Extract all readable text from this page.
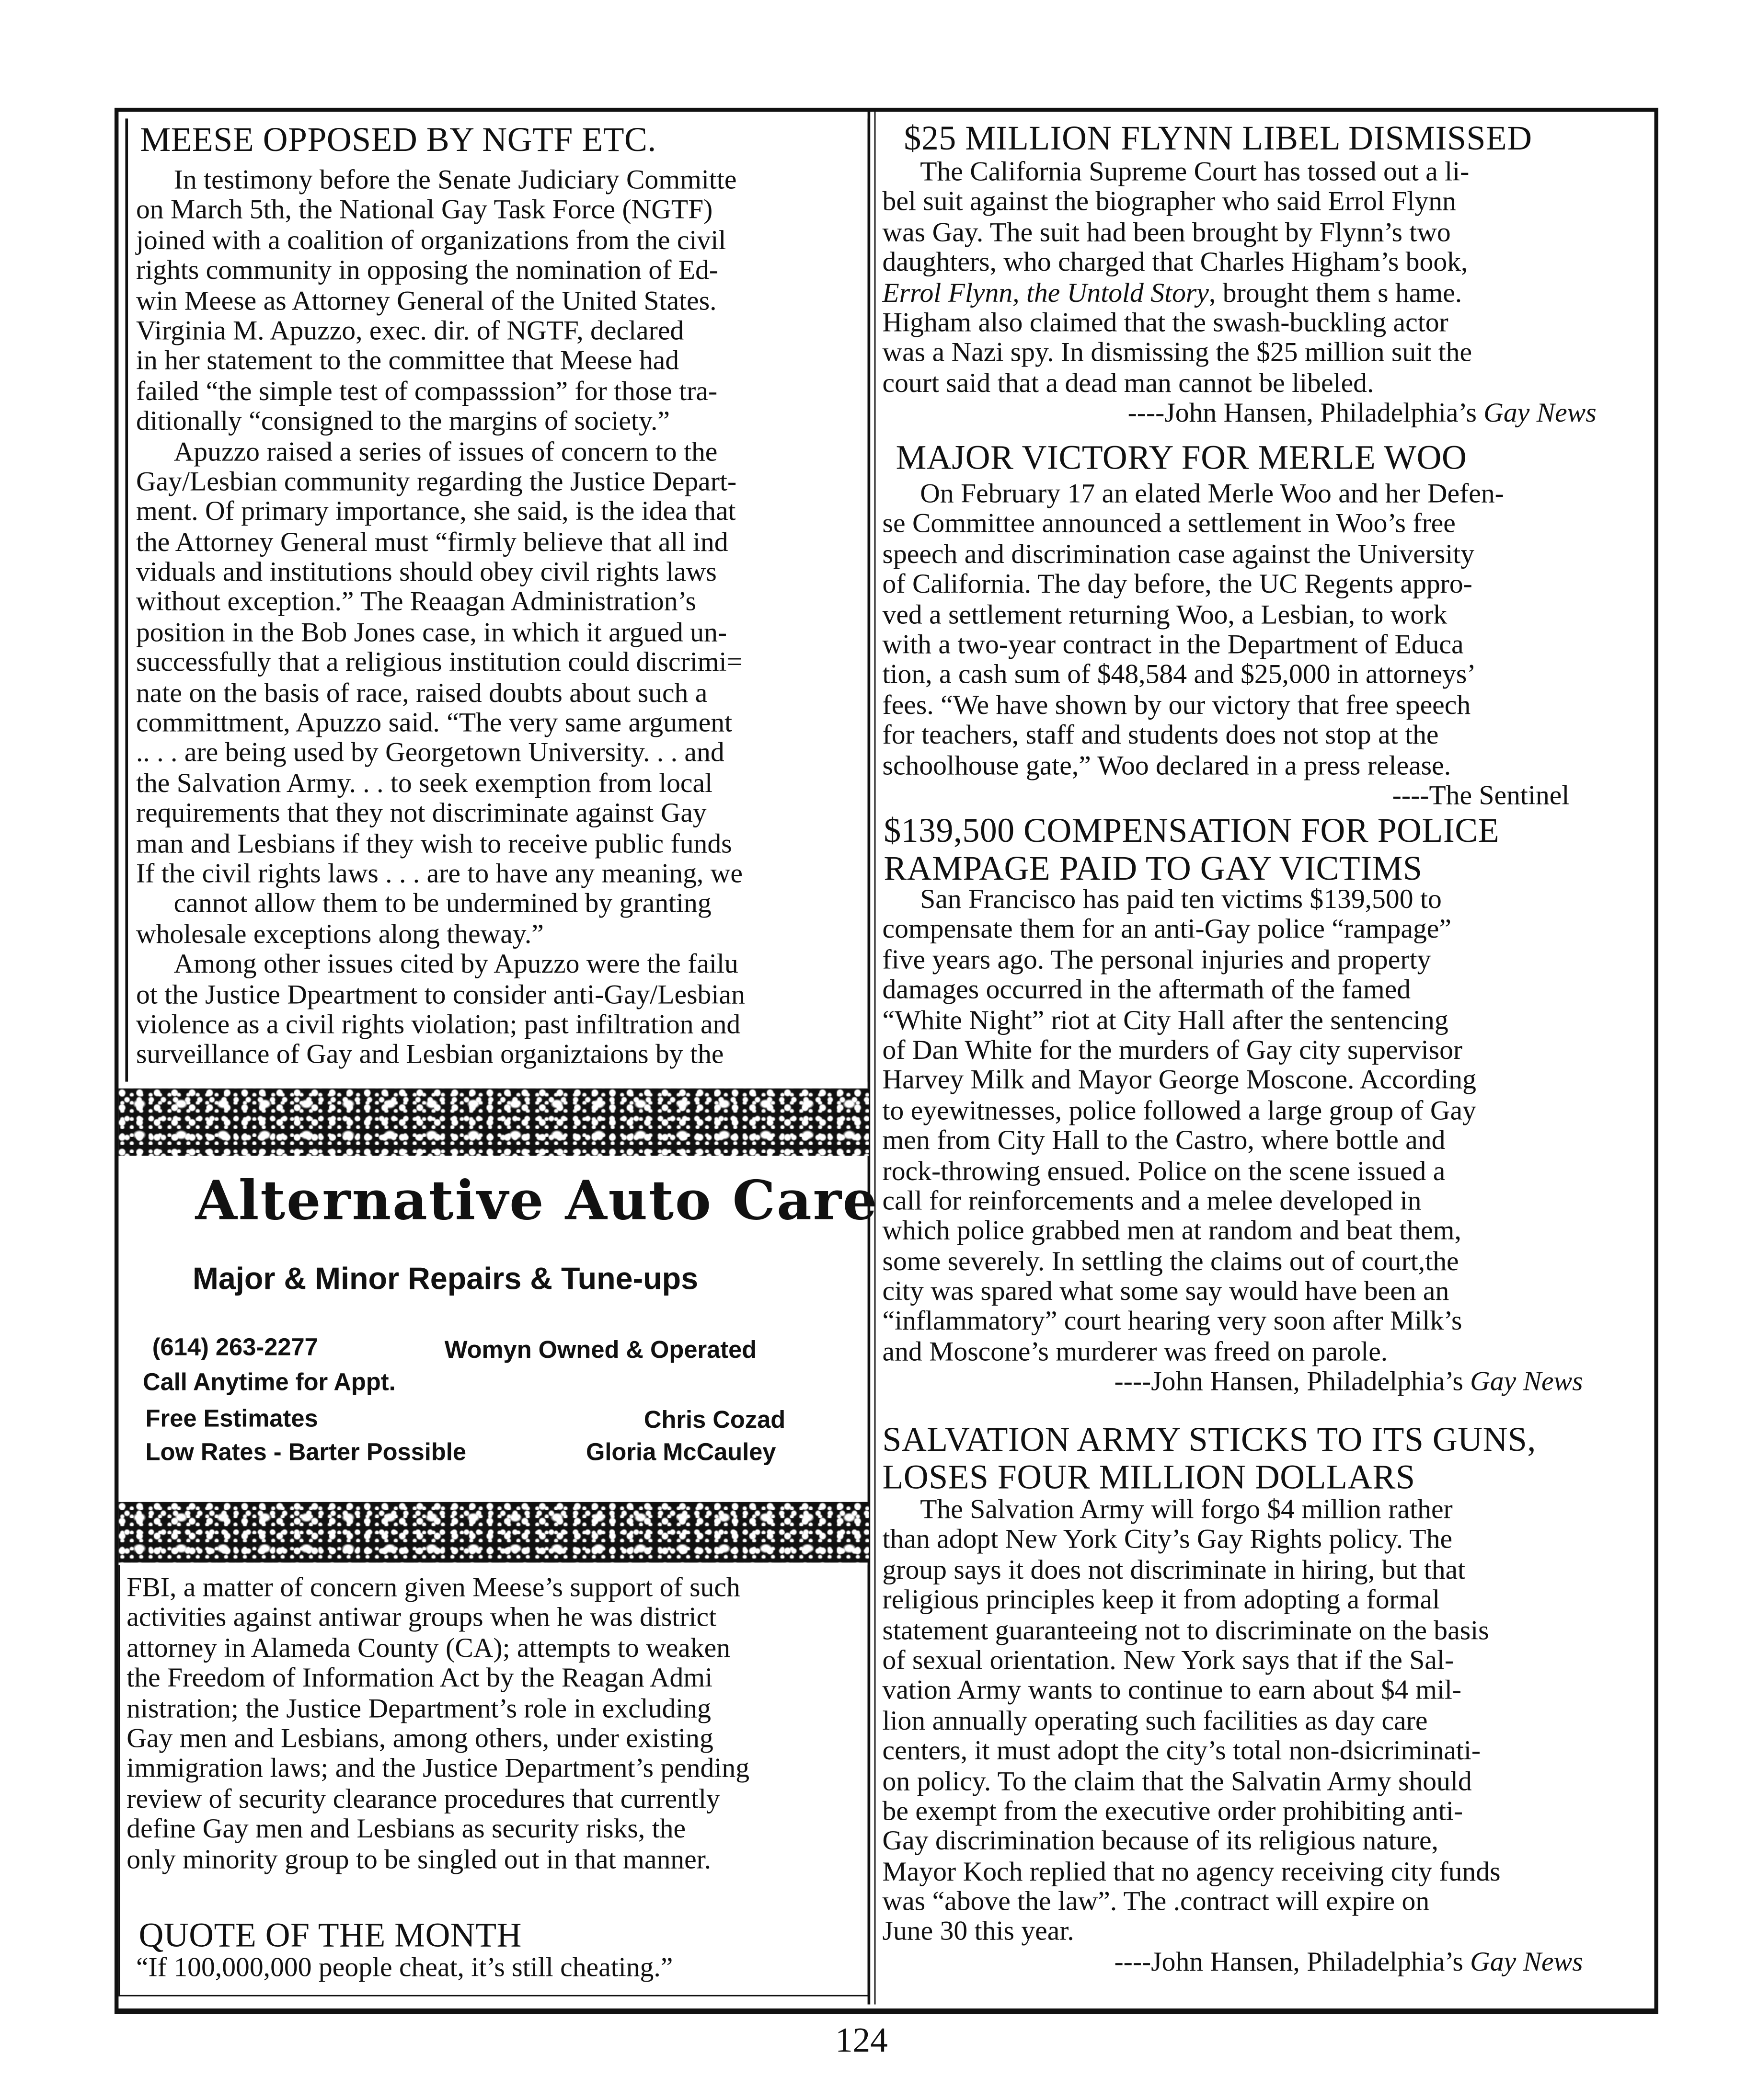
MEESE OPPOSED BY NGTF ETC.
In testimony before the Senate Judiciary Committe
on March 5th, the National Gay Task Force (NGTF)
joined with a coalition of organizations from the civil
rights community in opposing the nomination of Ed-
win Meese as Attorney General of the United States.
Virginia M. Apuzzo, exec. dir. of NGTF, declared
in her statement to the committee that Meese had
failed “the simple test of compasssion” for those tra-
ditionally “consigned to the margins of society.”
Apuzzo raised a series of issues of concern to the
Gay/Lesbian community regarding the Justice Depart-
ment. Of primary importance, she said, is the idea that
the Attorney General must “firmly believe that all ind
viduals and institutions should obey civil rights laws
without exception.” The Reaagan Administration’s
position in the Bob Jones case, in which it argued un-
successfully that a religious institution could discrimi=
nate on the basis of race, raised doubts about such a
committment, Apuzzo said. “The very same argument
.. . . are being used by Georgetown University. . . and
the Salvation Army. . . to seek exemption from local
requirements that they not discriminate against Gay
man and Lesbians if they wish to receive public funds
If the civil rights laws . . . are to have any meaning, we
cannot allow them to be undermined by granting
wholesale exceptions along theway.”
Among other issues cited by Apuzzo were the failu
ot the Justice Dpeartment to consider anti-Gay/Lesbian
violence as a civil rights violation; past infiltration and
surveillance of Gay and Lesbian organiztaions by the
Alternative Auto Care
Major & Minor Repairs & Tune-ups
(614) 263-2277	Womyn Owned & Operated
Call Anytime for Appt.
Free Estimates	Chris Cozad
Low Rates - Barter Possible	Gloria McCauley
FBI, a matter of concern given Meese’s support of such
activities against antiwar groups when he was district
attorney in Alameda County (CA); attempts to weaken
the Freedom of Information Act by the Reagan Admi
nistration; the Justice Department’s role in excluding
Gay men and Lesbians, among others, under existing
immigration laws; and the Justice Department’s pending
review of security clearance procedures that currently
define Gay men and Lesbians as security risks, the
only minority group to be singled out in that manner.
QUOTE OF THE MONTH
“If 100,000,000 people cheat, it’s still cheating.”
$25 MILLION FLYNN LIBEL DISMISSED
The California Supreme Court has tossed out a li-
bel suit against the biographer who said Errol Flynn
was Gay. The suit had been brought by Flynn’s two
daughters, who charged that Charles Higham’s book,
Errol Flynn, the Untold Story, brought them s hame.
Higham also claimed that the swash-buckling actor
was a Nazi spy. In dismissing the $25 million suit the
court said that a dead man cannot be libeled.
----John Hansen, Philadelphia’s Gay News
MAJOR VICTORY FOR MERLE WOO
On February 17 an elated Merle Woo and her Defen-
se Committee announced a settlement in Woo’s free
speech and discrimination case against the University
of California. The day before, the UC Regents appro-
ved a settlement returning Woo, a Lesbian, to work
with a two-year contract in the Department of Educa
tion, a cash sum of $48,584 and $25,000 in attorneys’
fees. “We have shown by our victory that free speech
for teachers, staff and students does not stop at the
schoolhouse gate,” Woo declared in a press release.
----The Sentinel
$139,500 COMPENSATION FOR POLICE
RAMPAGE PAID TO GAY VICTIMS
San Francisco has paid ten victims $139,500 to
compensate them for an anti-Gay police “rampage”
five years ago. The personal injuries and property
damages occurred in the aftermath of the famed
“White Night” riot at City Hall after the sentencing
of Dan White for the murders of Gay city supervisor
Harvey Milk and Mayor George Moscone. According
to eyewitnesses, police followed a large group of Gay
men from City Hall to the Castro, where bottle and
rock-throwing ensued. Police on the scene issued a
call for reinforcements and a melee developed in
which police grabbed men at random and beat them,
some severely. In settling the claims out of court,the
city was spared what some say would have been an
“inflammatory” court hearing very soon after Milk’s
and Moscone’s murderer was freed on parole.
----John Hansen, Philadelphia’s Gay News
SALVATION ARMY STICKS TO ITS GUNS,
LOSES FOUR MILLION DOLLARS
The Salvation Army will forgo $4 million rather
than adopt New York City’s Gay Rights policy. The
group says it does not discriminate in hiring, but that
religious principles keep it from adopting a formal
statement guaranteeing not to discriminate on the basis
of sexual orientation. New York says that if the Sal-
vation Army wants to continue to earn about $4 mil-
lion annually operating such facilities as day care
centers, it must adopt the city’s total non-dsicriminati-
on policy. To the claim that the Salvatin Army should
be exempt from the executive order prohibiting anti-
Gay discrimination because of its religious nature,
Mayor Koch replied that no agency receiving city funds
was “above the law”. The .contract will expire on
June 30 this year.
----John Hansen, Philadelphia’s Gay News
124
